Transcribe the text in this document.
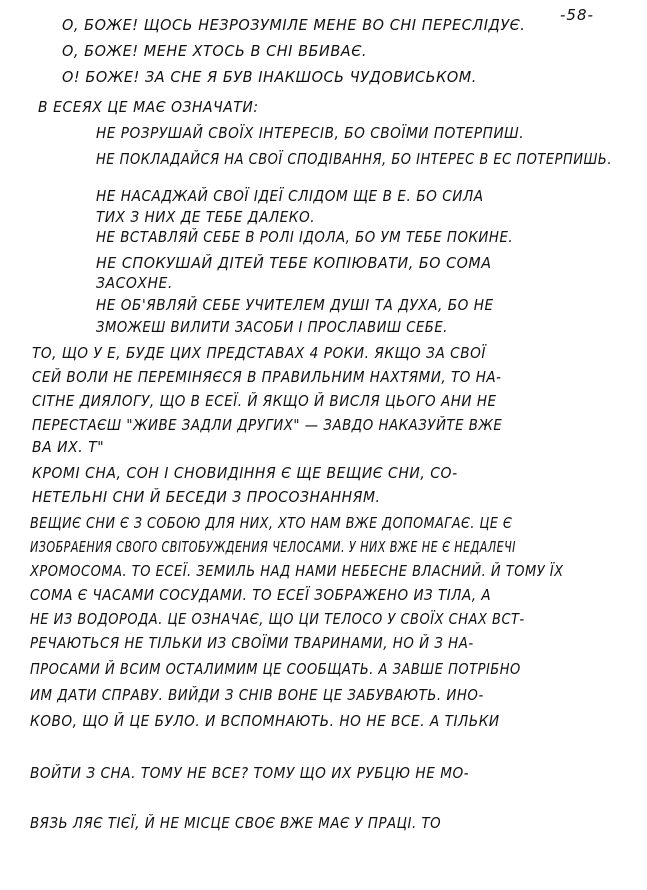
-58-
О, БОЖЕ! ЩОСЬ НЕЗРОЗУМІЛЕ МЕНЕ ВО СНІ ПЕРЕСЛІДУЄ.
О, БОЖЕ! МЕНЕ ХТОСЬ В СНІ ВБИВАЄ.
О! БОЖЕ! ЗА СНЕ Я БУВ ІНАКШОСЬ ЧУДОВИСЬКОМ.
В ЕСЕЯХ ЦЕ МАЄ ОЗНАЧАТИ:
НЕ РОЗРУШАЙ СВОЇХ ІНТЕРЕСІВ, БО СВОЇМИ ПОТЕРПИШ.
НЕ ПОКЛАДАЙСЯ НА СВОЇ СПОДІВАННЯ, БО ІНТЕРЕС В ЕС ПОТЕРПИШЬ.
НЕ НАСАДЖАЙ СВОЇ ІДЕЇ СЛІДОМ ЩЕ В Е. БО СИЛА
ТИХ З НИХ ДЕ ТЕБЕ ДАЛЕКО.
НЕ ВСТАВЛЯЙ СЕБЕ В РОЛІ ІДОЛА, БО УМ ТЕБЕ ПОКИНЕ.
НЕ СПОКУШАЙ ДІТЕЙ ТЕБЕ КОПІЮВАТИ, БО СОМА
ЗАСОХНЕ.
НЕ ОБ'ЯВЛЯЙ СЕБЕ УЧИТЕЛЕМ ДУШІ ТА ДУХА, БО НЕ
ЗМОЖЕШ ВИЛИТИ ЗАСОБИ І ПРОСЛАВИШ СЕБЕ.
ТО, ЩО У Е, БУДЕ ЦИХ ПРЕДСТАВАХ 4 РОКИ. ЯКЩО ЗА СВОЇ
СЕЙ ВОЛИ НЕ ПЕРЕМІНЯЄСЯ В ПРАВИЛЬНИМ НАХТЯМИ, ТО НА-
СІТНЕ ДИЯЛОГУ, ЩО В ЕСЕЇ. Й ЯКЩО Й ВИСЛЯ ЦЬОГО АНИ НЕ
ПЕРЕСТАЄШ "ЖИВЕ ЗАДЛИ ДРУГИХ" — ЗАВДО НАКАЗУЙТЕ ВЖЕ
ВА ИХ. Т"
КРОМІ СНА, СОН І СНОВИДІННЯ Є ЩЕ ВЕЩИЄ СНИ, СО-
НЕТЕЛЬНІ СНИ Й БЕСЕДИ З ПРОСОЗНАННЯМ.
ВЕЩИЄ СНИ Є З СОБОЮ ДЛЯ НИХ, ХТО НАМ ВЖЕ ДОПОМАГАЄ. ЦЕ Є
ИЗОБРАЕНИЯ СВОГО СВІТОБУЖДЕНИЯ ЧЕЛОСАМИ. У НИХ ВЖЕ НЕ Є НЕДАЛЕЧІ
ХРОМОСОМА. ТО ЕСЕЇ. ЗЕМИЛЬ НАД НАМИ НЕБЕСНЕ ВЛАСНИЙ. Й ТОМУ ЇХ
СОМА Є ЧАСАМИ СОСУДАМИ. ТО ЕСЕЇ ЗОБРАЖЕНО ИЗ ТІЛА, А
НЕ ИЗ ВОДОРОДА. ЦЕ ОЗНАЧАЄ, ЩО ЦИ ТЕЛОСО У СВОЇХ СНАХ ВСТ-
РЕЧАЮТЬСЯ НЕ ТІЛЬКИ ИЗ СВОЇМИ ТВАРИНАМИ, НО Й З НА-
ПРОСАМИ Й ВСИМ ОСТАЛИМИМ ЦЕ СООБЩАТЬ. А ЗАВШЕ ПОТРІБНО
ИМ ДАТИ СПРАВУ. ВИЙДИ З СНІВ ВОНЕ ЦЕ ЗАБУВАЮТЬ. ИНО-
КОВО, ЩО Й ЦЕ БУЛО. И ВСПОМНАЮТЬ. НО НЕ ВСЕ. А ТІЛЬКИ
ВОЙТИ З СНА. ТОМУ НЕ ВСЕ? ТОМУ ЩО ИХ РУБЦЮ НЕ МО-
ВЯЗЬ ЛЯЄ ТІЄЇ, Й НЕ МІСЦЕ СВОЄ ВЖЕ МАЄ У ПРАЦІ. ТО
